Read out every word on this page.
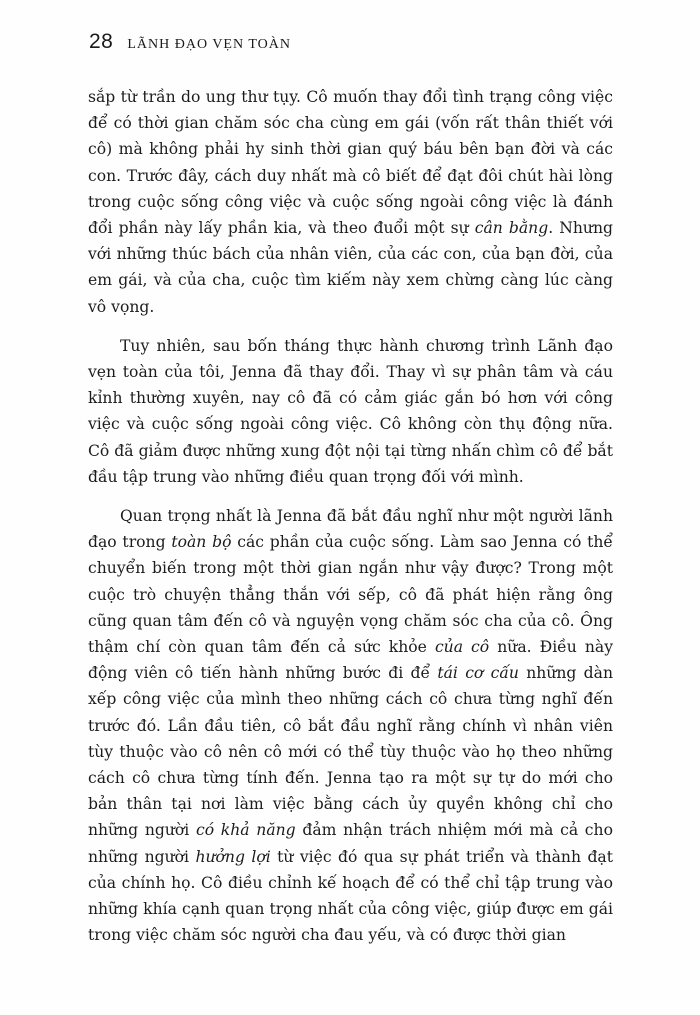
28 LÃNH ĐẠO VẸN TOÀN

sắp từ trần do ung thư tụy. Cô muốn thay đổi tình trạng công việc để có thời gian chăm sóc cha cùng em gái (vốn rất thân thiết với cô) mà không phải hy sinh thời gian quý báu bên bạn đời và các con. Trước đây, cách duy nhất mà cô biết để đạt đôi chút hài lòng trong cuộc sống công việc và cuộc sống ngoài công việc là đánh đổi phần này lấy phần kia, và theo đuổi một sự cân bằng. Nhưng với những thúc bách của nhân viên, của các con, của bạn đời, của em gái, và của cha, cuộc tìm kiếm này xem chừng càng lúc càng vô vọng.

Tuy nhiên, sau bốn tháng thực hành chương trình Lãnh đạo vẹn toàn của tôi, Jenna đã thay đổi. Thay vì sự phân tâm và cáu kỉnh thường xuyên, nay cô đã có cảm giác gắn bó hơn với công việc và cuộc sống ngoài công việc. Cô không còn thụ động nữa. Cô đã giảm được những xung đột nội tại từng nhấn chìm cô để bắt đầu tập trung vào những điều quan trọng đối với mình.

Quan trọng nhất là Jenna đã bắt đầu nghĩ như một người lãnh đạo trong toàn bộ các phần của cuộc sống. Làm sao Jenna có thể chuyển biến trong một thời gian ngắn như vậy được? Trong một cuộc trò chuyện thẳng thắn với sếp, cô đã phát hiện rằng ông cũng quan tâm đến cô và nguyện vọng chăm sóc cha của cô. Ông thậm chí còn quan tâm đến cả sức khỏe của cô nữa. Điều này động viên cô tiến hành những bước đi để tái cơ cấu những dàn xếp công việc của mình theo những cách cô chưa từng nghĩ đến trước đó. Lần đầu tiên, cô bắt đầu nghĩ rằng chính vì nhân viên tùy thuộc vào cô nên cô mới có thể tùy thuộc vào họ theo những cách cô chưa từng tính đến. Jenna tạo ra một sự tự do mới cho bản thân tại nơi làm việc bằng cách ủy quyền không chỉ cho những người có khả năng đảm nhận trách nhiệm mới mà cả cho những người hưởng lợi từ việc đó qua sự phát triển và thành đạt của chính họ. Cô điều chỉnh kế hoạch để có thể chỉ tập trung vào những khía cạnh quan trọng nhất của công việc, giúp được em gái trong việc chăm sóc người cha đau yếu, và có được thời gian
